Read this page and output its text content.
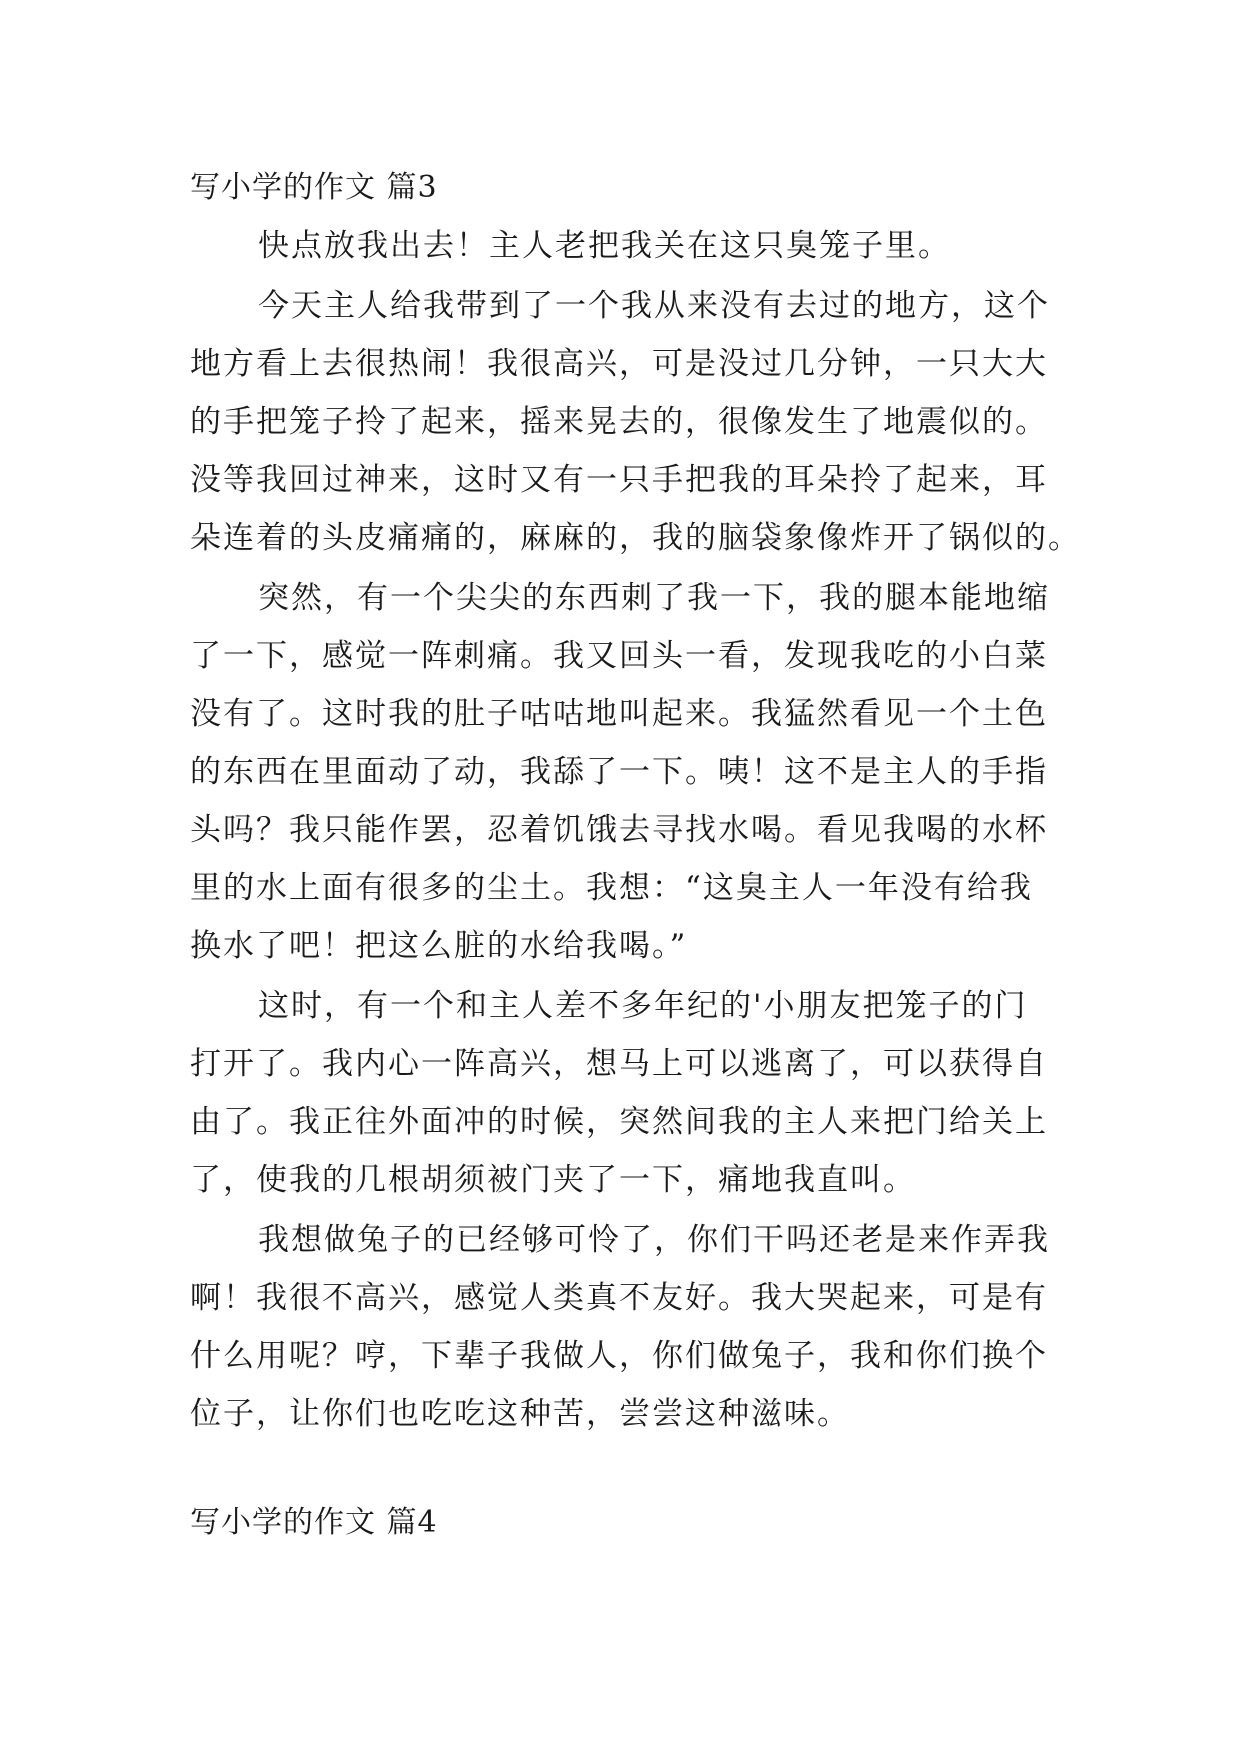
写小学的作文 篇3
快点放我出去！主人老把我关在这只臭笼子里。
今天主人给我带到了一个我从来没有去过的地方，这个
地方看上去很热闹！我很高兴，可是没过几分钟，一只大大
的手把笼子拎了起来，摇来晃去的，很像发生了地震似的。
没等我回过神来，这时又有一只手把我的耳朵拎了起来，耳
朵连着的头皮痛痛的，麻麻的，我的脑袋象像炸开了锅似的。
突然，有一个尖尖的东西刺了我一下，我的腿本能地缩
了一下，感觉一阵刺痛。我又回头一看，发现我吃的小白菜
没有了。这时我的肚子咕咕地叫起来。我猛然看见一个土色
的东西在里面动了动，我舔了一下。咦！这不是主人的手指
头吗？我只能作罢，忍着饥饿去寻找水喝。看见我喝的水杯
里的水上面有很多的尘土。我想：“这臭主人一年没有给我
换水了吧！把这么脏的水给我喝。”
这时，有一个和主人差不多年纪的'小朋友把笼子的门
打开了。我内心一阵高兴，想马上可以逃离了，可以获得自
由了。我正往外面冲的时候，突然间我的主人来把门给关上
了，使我的几根胡须被门夹了一下，痛地我直叫。
我想做兔子的已经够可怜了，你们干吗还老是来作弄我
啊！我很不高兴，感觉人类真不友好。我大哭起来，可是有
什么用呢？哼，下辈子我做人，你们做兔子，我和你们换个
位子，让你们也吃吃这种苦，尝尝这种滋味。
写小学的作文 篇4
